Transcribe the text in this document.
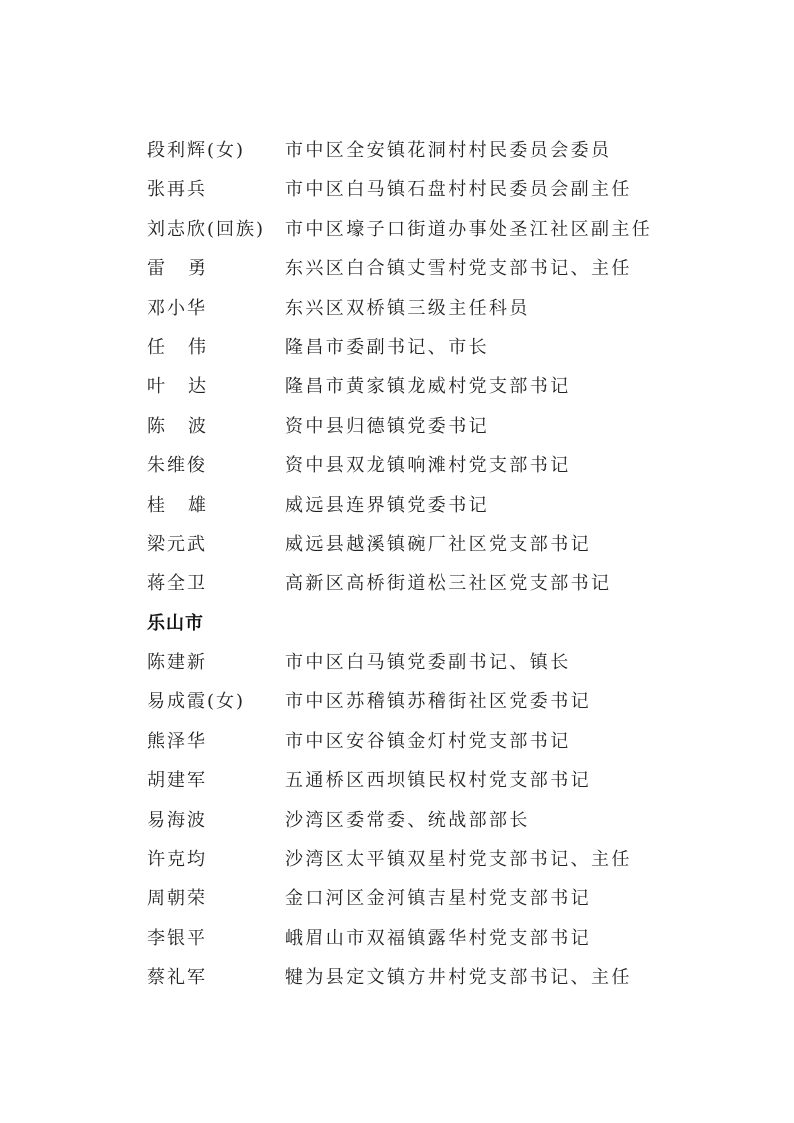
段利辉(女)	市中区全安镇花洞村村民委员会委员
张再兵	市中区白马镇石盘村村民委员会副主任
刘志欣(回族)	市中区壕子口街道办事处圣江社区副主任
雷勇	东兴区白合镇丈雪村党支部书记、主任
邓小华	东兴区双桥镇三级主任科员
任伟	隆昌市委副书记、市长
叶达	隆昌市黄家镇龙威村党支部书记
陈波	资中县归德镇党委书记
朱维俊	资中县双龙镇响滩村党支部书记
桂雄	威远县连界镇党委书记
梁元武	威远县越溪镇碗厂社区党支部书记
蒋全卫	高新区高桥街道松三社区党支部书记
乐山市
陈建新	市中区白马镇党委副书记、镇长
易成霞(女)	市中区苏稽镇苏稽街社区党委书记
熊泽华	市中区安谷镇金灯村党支部书记
胡建军	五通桥区西坝镇民权村党支部书记
易海波	沙湾区委常委、统战部部长
许克均	沙湾区太平镇双星村党支部书记、主任
周朝荣	金口河区金河镇吉星村党支部书记
李银平	峨眉山市双福镇露华村党支部书记
蔡礼军	犍为县定文镇方井村党支部书记、主任
